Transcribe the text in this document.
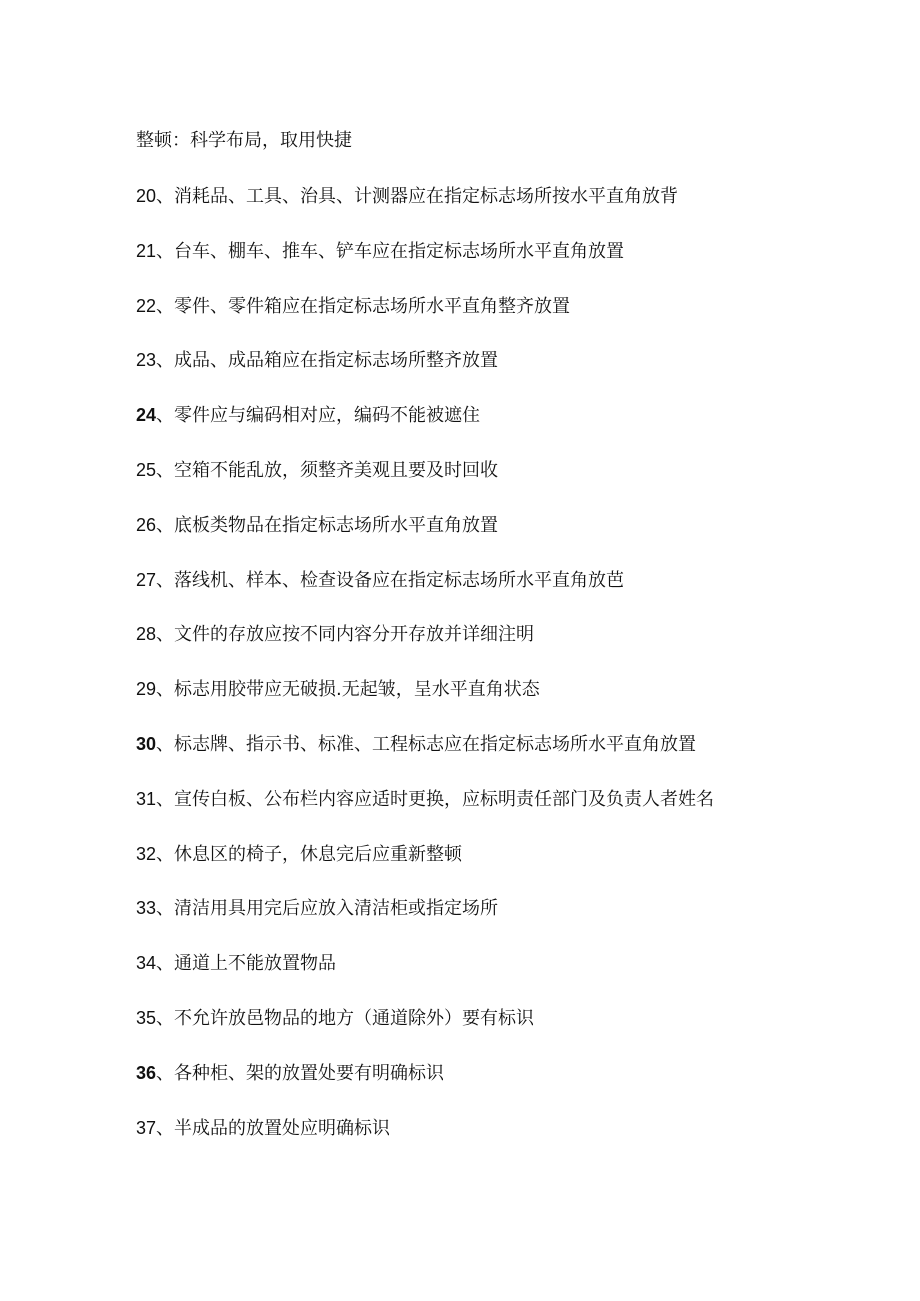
整顿：科学布局，取用快捷
20、消耗品、工具、治具、计测器应在指定标志场所按水平直角放背
21、台车、棚车、推车、铲车应在指定标志场所水平直角放置
22、零件、零件箱应在指定标志场所水平直角整齐放置
23、成品、成品箱应在指定标志场所整齐放置
24、零件应与编码相对应，编码不能被遮住
25、空箱不能乱放，须整齐美观且要及时回收
26、底板类物品在指定标志场所水平直角放置
27、落线机、样本、检查设备应在指定标志场所水平直角放芭
28、文件的存放应按不同内容分开存放并详细注明
29、标志用胶带应无破损.无起皱，呈水平直角状态
30、标志牌、指示书、标准、工程标志应在指定标志场所水平直角放置
31、宣传白板、公布栏内容应适时更换，应标明责任部门及负责人者姓名
32、休息区的椅子，休息完后应重新整顿
33、清洁用具用完后应放入清洁柜或指定场所
34、通道上不能放置物品
35、不允许放邑物品的地方（通道除外）要有标识
36、各种柜、架的放置处要有明确标识
37、半成品的放置处应明确标识
